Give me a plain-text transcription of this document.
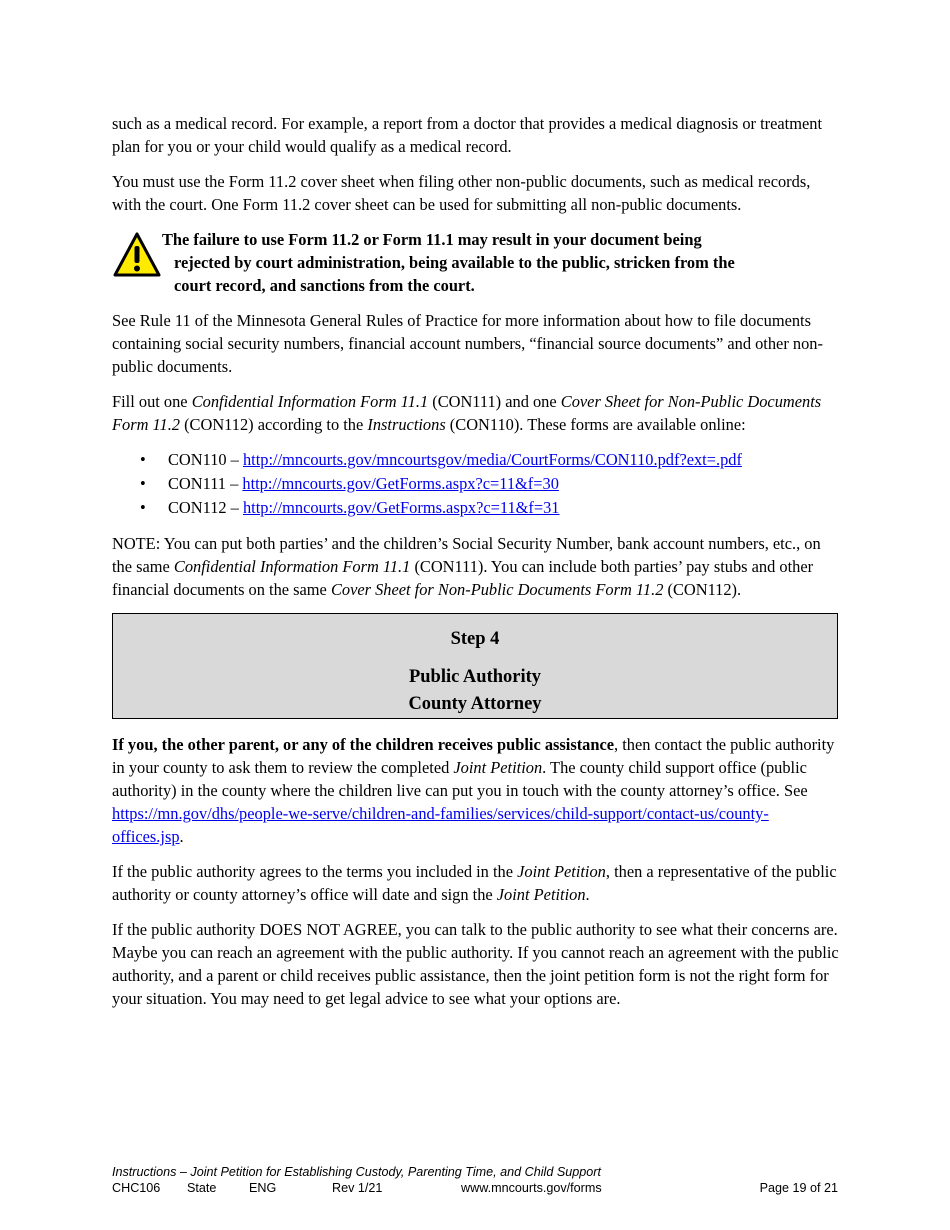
such as a medical record. For example, a report from a doctor that provides a medical diagnosis or treatment plan for you or your child would qualify as a medical record.

You must use the Form 11.2 cover sheet when filing other non-public documents, such as medical records, with the court. One Form 11.2 cover sheet can be used for submitting all non-public documents.

The failure to use Form 11.2 or Form 11.1 may result in your document being
rejected by court administration, being available to the public, stricken from the
court record, and sanctions from the court.

See Rule 11 of the Minnesota General Rules of Practice for more information about how to file documents containing social security numbers, financial account numbers, “financial source documents” and other non-public documents.

Fill out one Confidential Information Form 11.1 (CON111) and one Cover Sheet for Non-Public Documents Form 11.2 (CON112) according to the Instructions (CON110). These forms are available online:

• CON110 – http://mncourts.gov/mncourtsgov/media/CourtForms/CON110.pdf?ext=.pdf
• CON111 – http://mncourts.gov/GetForms.aspx?c=11&f=30
• CON112 – http://mncourts.gov/GetForms.aspx?c=11&f=31

NOTE: You can put both parties’ and the children’s Social Security Number, bank account numbers, etc., on the same Confidential Information Form 11.1 (CON111). You can include both parties’ pay stubs and other financial documents on the same Cover Sheet for Non-Public Documents Form 11.2 (CON112).

Step 4
Public Authority
County Attorney

If you, the other parent, or any of the children receives public assistance, then contact the public authority in your county to ask them to review the completed Joint Petition. The county child support office (public authority) in the county where the children live can put you in touch with the county attorney’s office. See https://mn.gov/dhs/people-we-serve/children-and-families/services/child-support/contact-us/county-offices.jsp.

If the public authority agrees to the terms you included in the Joint Petition, then a representative of the public authority or county attorney’s office will date and sign the Joint Petition.

If the public authority DOES NOT AGREE, you can talk to the public authority to see what their concerns are. Maybe you can reach an agreement with the public authority. If you cannot reach an agreement with the public authority, and a parent or child receives public assistance, then the joint petition form is not the right form for your situation. You may need to get legal advice to see what your options are.

Instructions – Joint Petition for Establishing Custody, Parenting Time, and Child Support
CHC106 State	ENG	Rev 1/21	www.mncourts.gov/forms	Page 19 of 21
